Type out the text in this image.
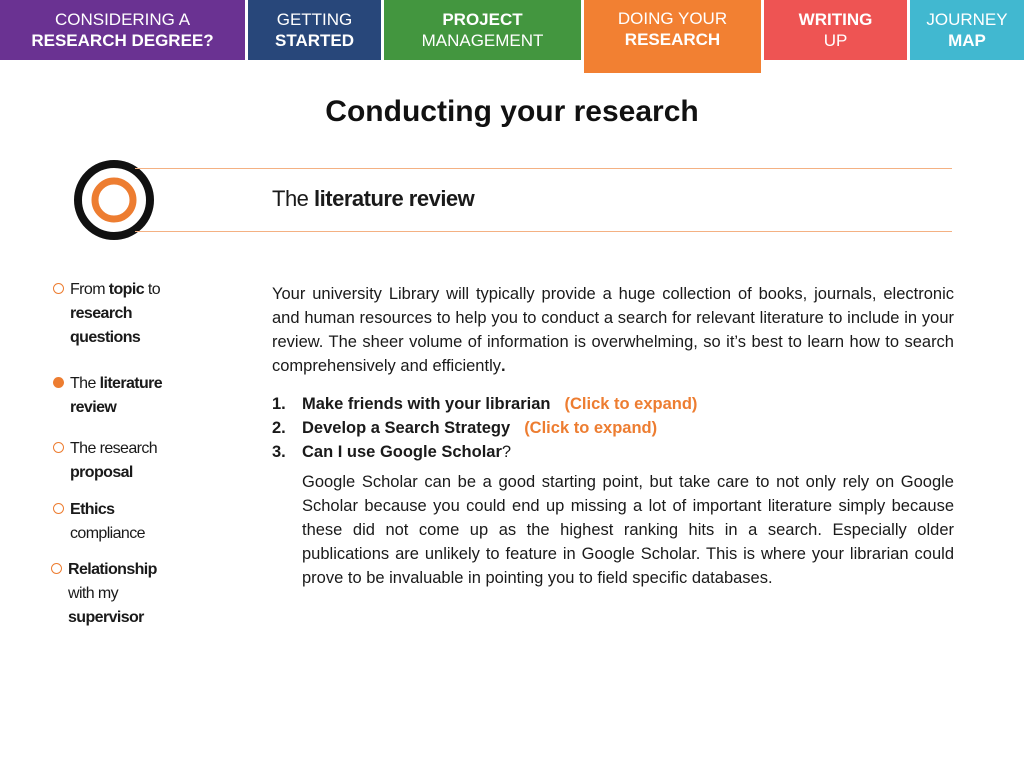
CONSIDERING A
RESEARCH DEGREE?
GETTING
STARTED
PROJECT
MANAGEMENT
DOING YOUR
RESEARCH
WRITING
UP
JOURNEY
MAP
Conducting your research
The literature review
From topic to
research
questions
The literature
review
The research
proposal
Ethics
compliance
Relationship
with my
supervisor

Your university Library will typically provide a huge collection of books, journals, electronic and human resources to help you to conduct a search for relevant literature to include in your review. The sheer volume of information is overwhelming, so it’s best to learn how to search comprehensively and efficiently.

1. Make friends with your librarian (Click to expand)
2. Develop a Search Strategy (Click to expand)
3. Can I use Google Scholar?

Google Scholar can be a good starting point, but take care to not only rely on Google Scholar because you could end up missing a lot of important literature simply because these did not come up as the highest ranking hits in a search. Especially older publications are unlikely to feature in Google Scholar. This is where your librarian could prove to be invaluable in pointing you to field specific databases.
